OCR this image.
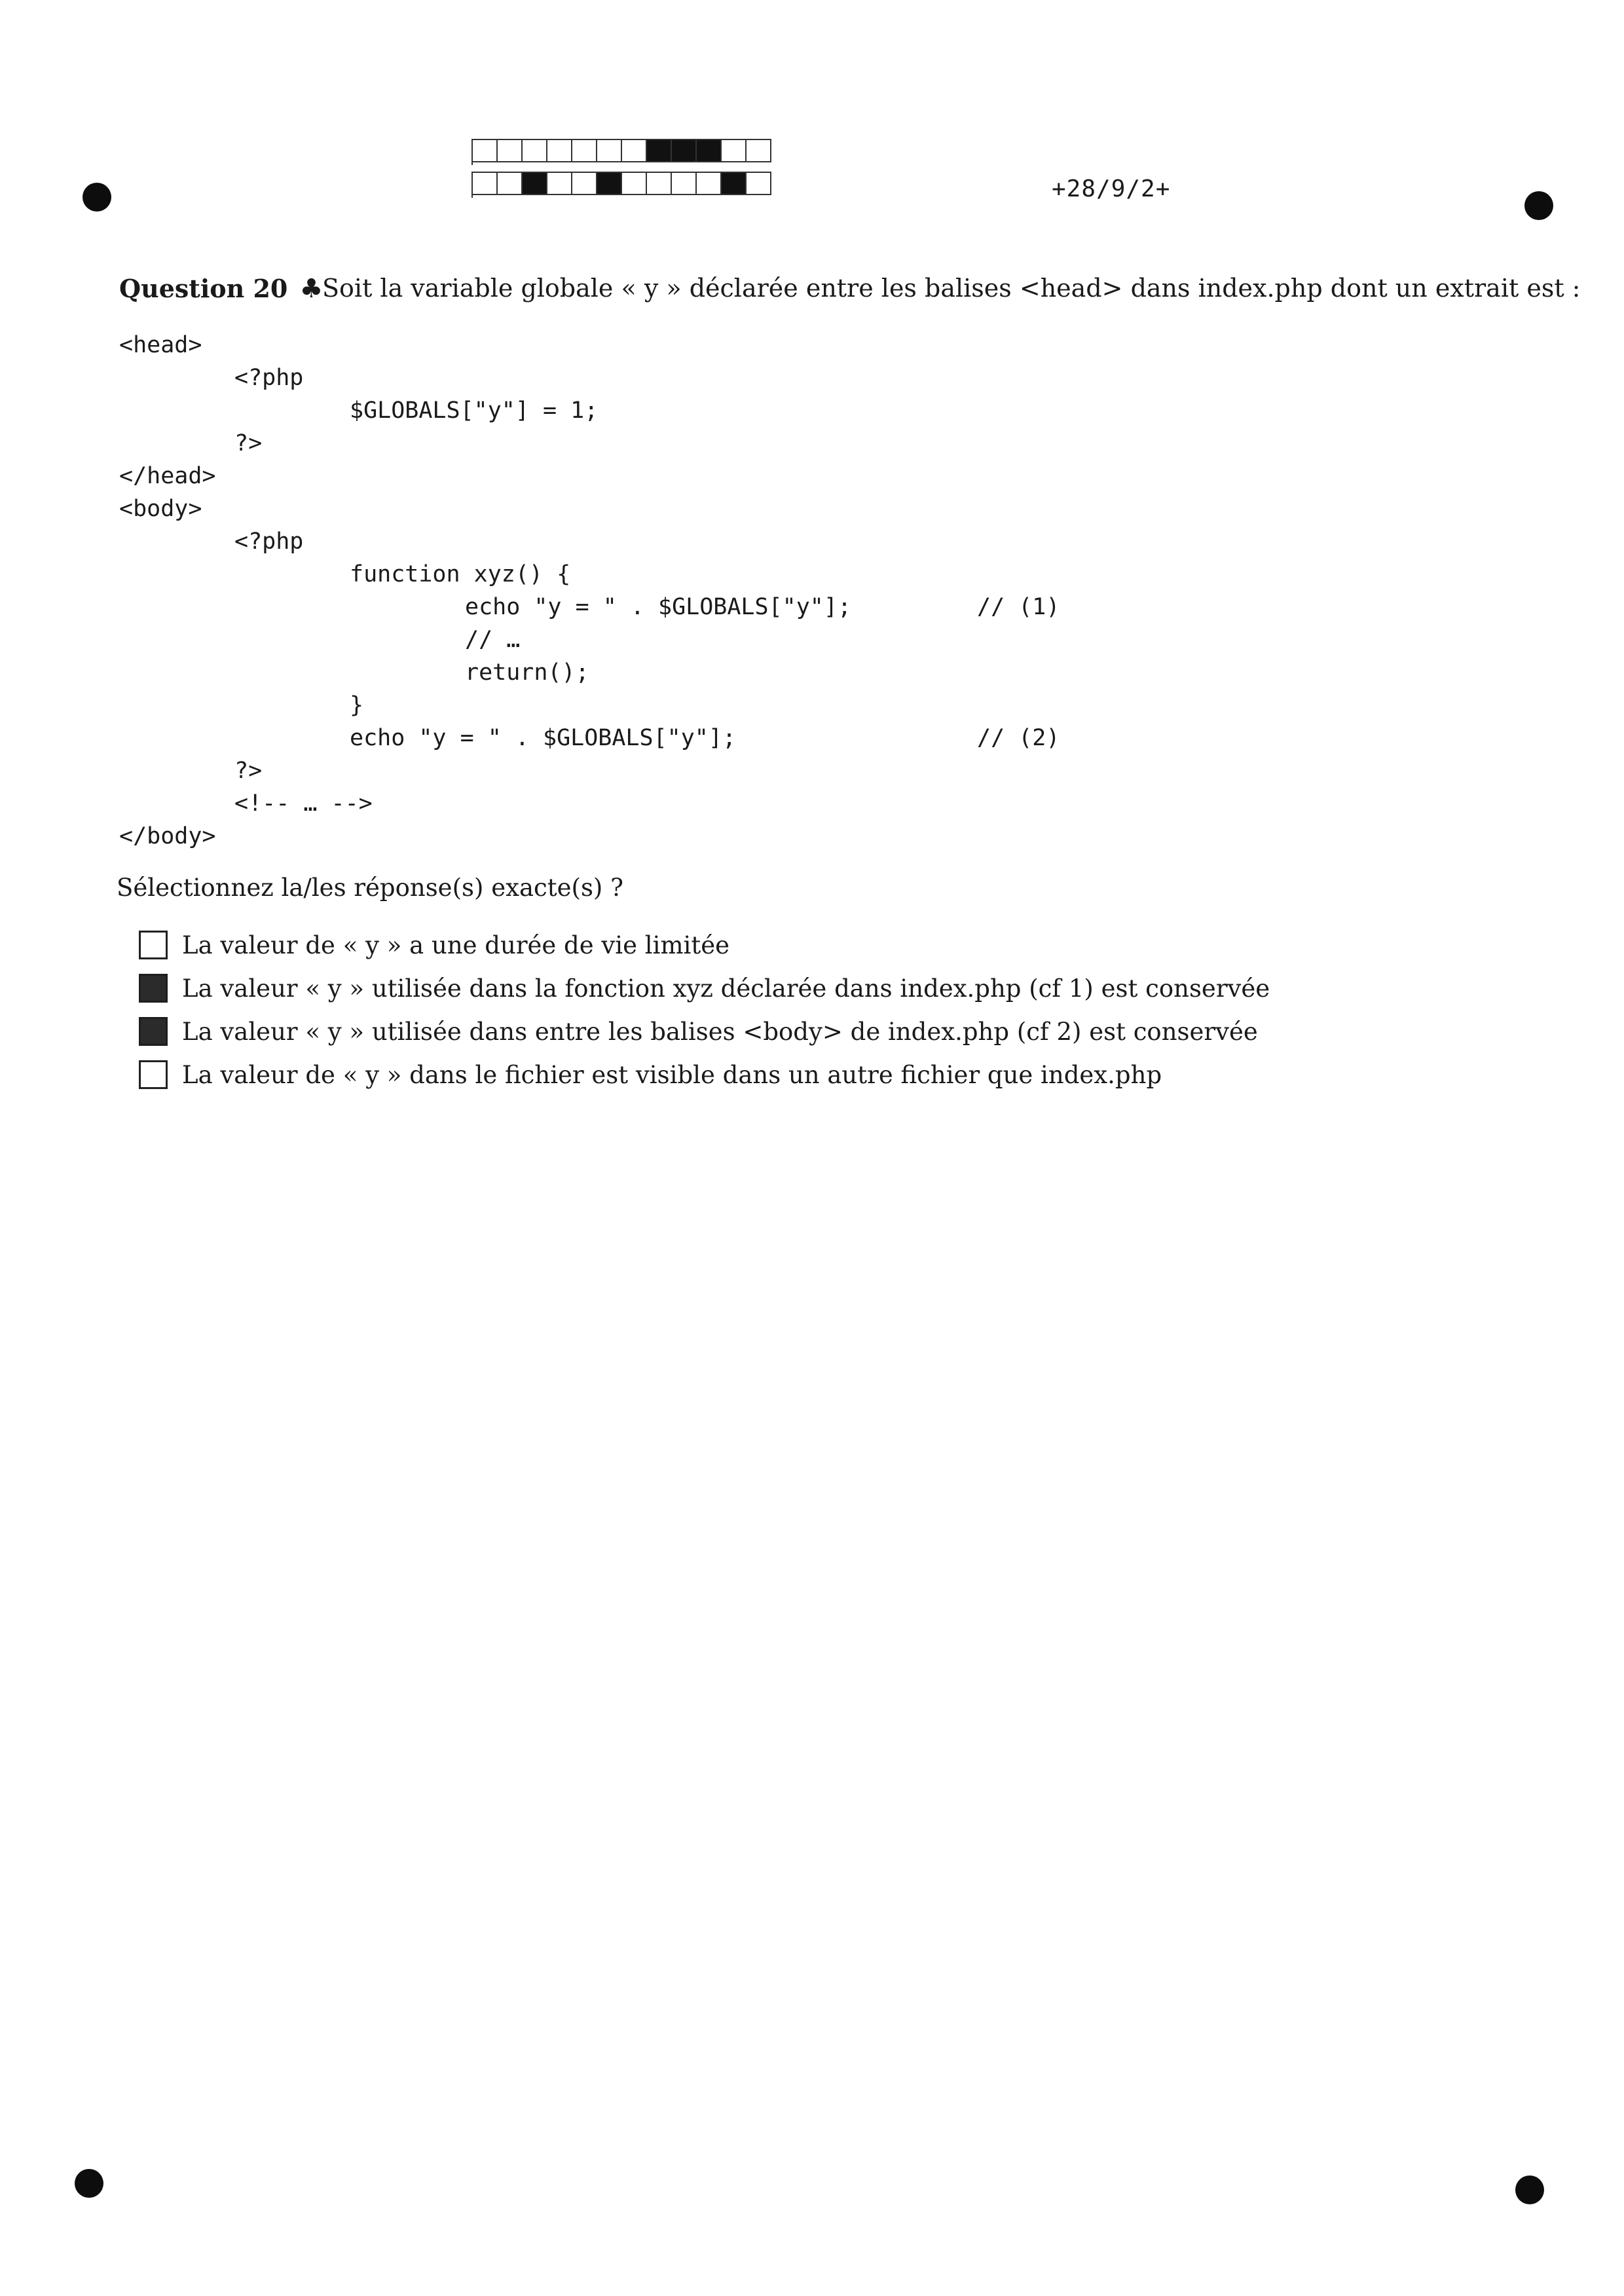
+28/9/2+
Question 20 ♣
Soit la variable globale « y » déclarée entre les balises <head> dans index.php dont un extrait est :
<head>
<?php
$GLOBALS["y"] = 1;
?>
</head>
<body>
<?php
function xyz() {
echo "y = " . $GLOBALS["y"];	// (1)
// …
return();
}
echo "y = " . $GLOBALS["y"];	// (2)
?>
<!-- … -->
</body>
Sélectionnez la/les réponse(s) exacte(s) ?
La valeur de « y » a une durée de vie limitée
La valeur « y » utilisée dans la fonction xyz déclarée dans index.php (cf 1) est conservée
La valeur « y » utilisée dans entre les balises <body> de index.php (cf 2) est conservée
La valeur de « y » dans le fichier est visible dans un autre fichier que index.php
